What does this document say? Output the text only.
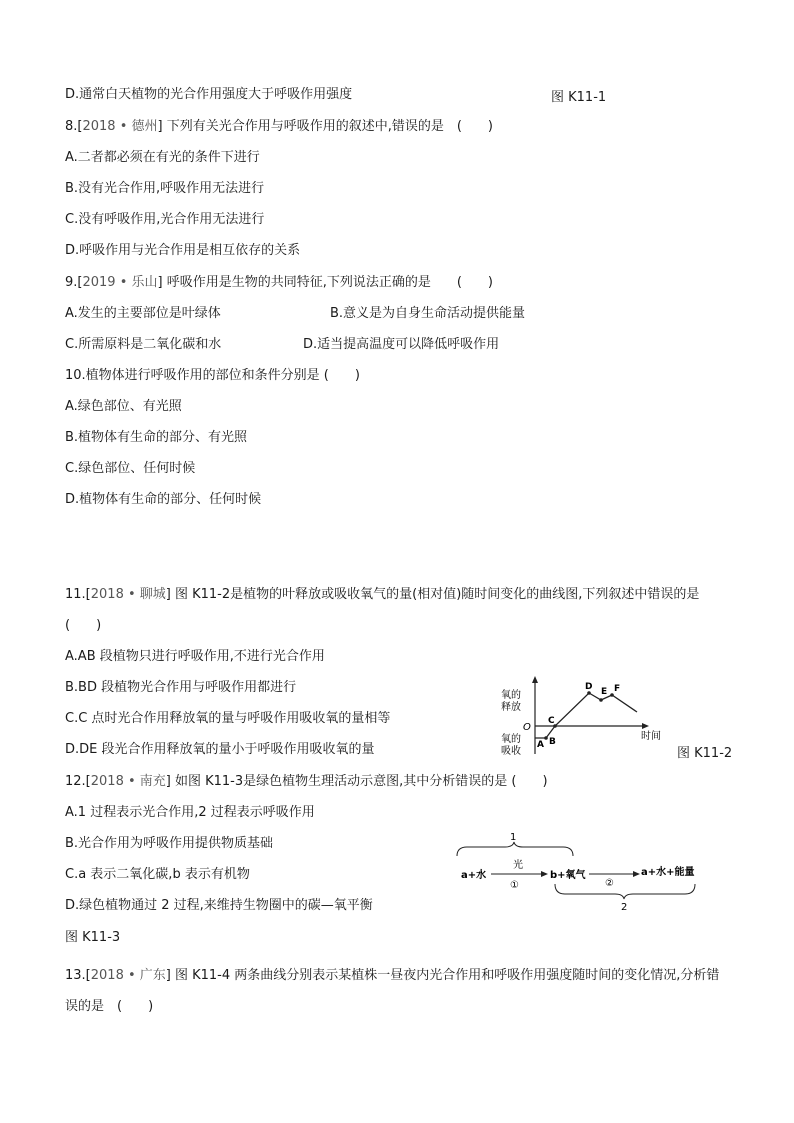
D.通常白天植物的光合作用强度大于呼吸作用强度	图 K11-1
8.[2018 • 德州] 下列有关光合作用与呼吸作用的叙述中,错误的是　(　　)
A.二者都必须在有光的条件下进行
B.没有光合作用,呼吸作用无法进行
C.没有呼吸作用,光合作用无法进行
D.呼吸作用与光合作用是相互依存的关系
9.[2019 • 乐山] 呼吸作用是生物的共同特征,下列说法正确的是　　(　　)
A.发生的主要部位是叶绿体	B.意义是为自身生命活动提供能量
C.所需原料是二氧化碳和水	D.适当提高温度可以降低呼吸作用
10.植物体进行呼吸作用的部位和条件分别是 (　　)
A.绿色部位、有光照
B.植物体有生命的部分、有光照
C.绿色部位、任何时候
D.植物体有生命的部分、任何时候
11.[2018 • 聊城] 图 K11-2是植物的叶释放或吸收氧气的量(相对值)随时间变化的曲线图,下列叙述中错误的是(　　)
A.AB 段植物只进行呼吸作用,不进行光合作用
B.BD 段植物光合作用与呼吸作用都进行
C.C 点时光合作用释放氧的量与呼吸作用吸收氧的量相等
D.DE 段光合作用释放氧的量小于呼吸作用吸收氧的量
氧的
释放
O
氧的
吸收
时间
A B
C
D E F
图 K11-2
12.[2018 • 南充] 如图 K11-3是绿色植物生理活动示意图,其中分析错误的是 (　　)
A.1 过程表示光合作用,2 过程表示呼吸作用
B.光合作用为呼吸作用提供物质基础
C.a 表示二氧化碳,b 表示有机物
D.绿色植物通过 2 过程,来维持生物圈中的碳—氧平衡
1
a+水
光
①
b+氧气
②
a+水+能量
2
图 K11-3
13.[2018 • 广东] 图 K11-4 两条曲线分别表示某植株一昼夜内光合作用和呼吸作用强度随时间的变化情况,分析错误的是　(　　)
